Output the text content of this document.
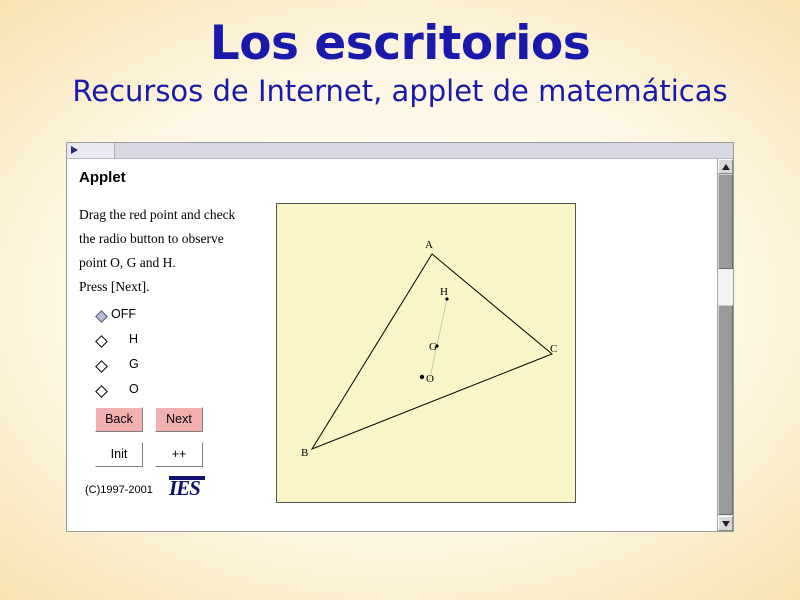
Los escritorios
Recursos de Internet, applet de matemáticas
Applet
Drag the red point and check
the radio button to observe
point O, G and H.
Press [Next].
OFF
H
G
O
Back	Next
Init	++
(C)1997-2001 IES
A
B
C
H
G
O
